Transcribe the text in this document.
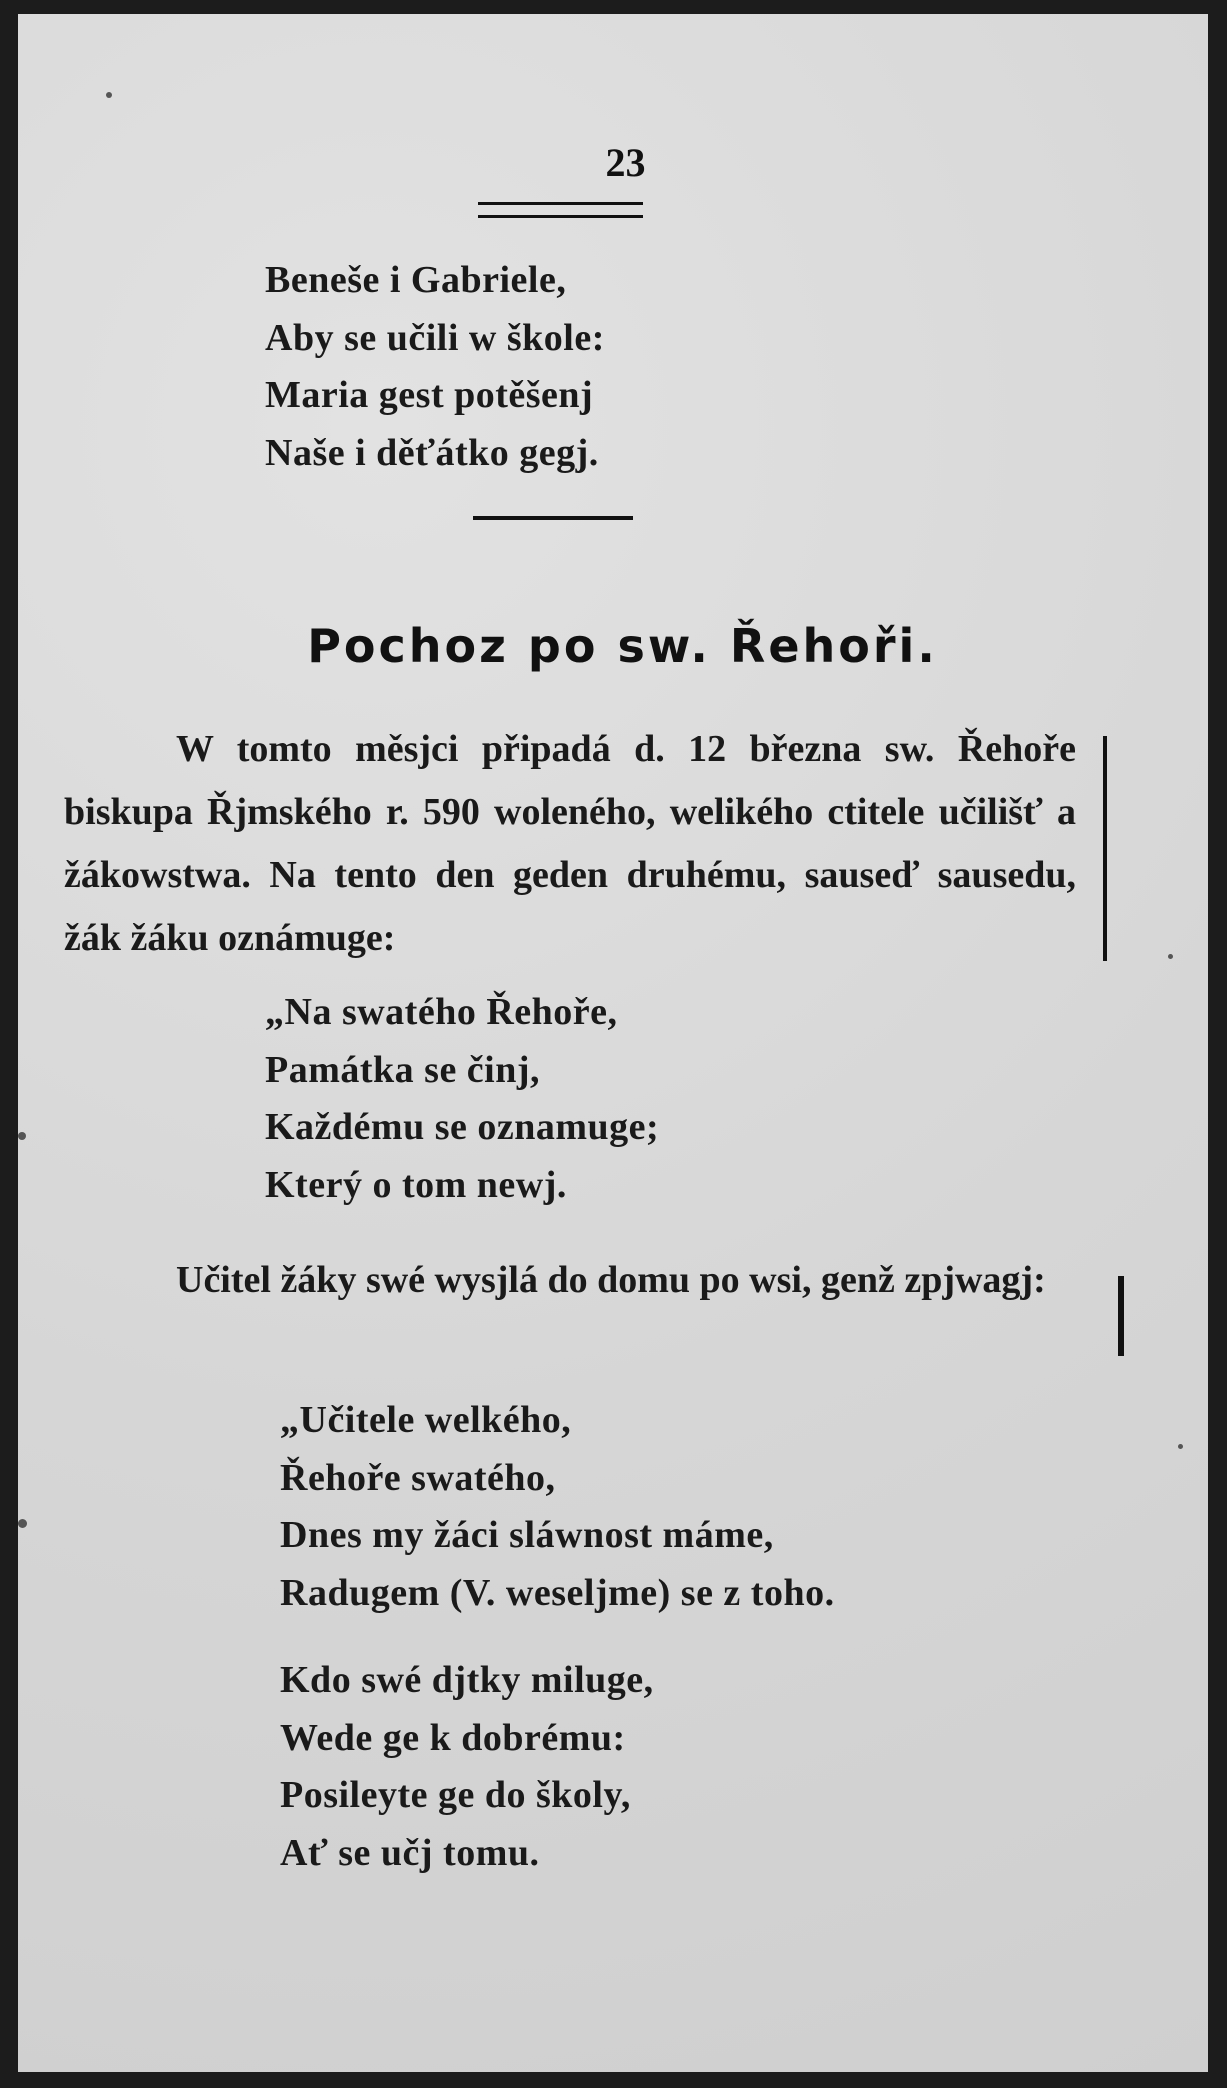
23

Beneše i Gabriele,
Aby se učili w škole:
Maria gest potěšenj
Naše i děťátko gegj.
Pochoz po sw. Řehoři.

W tomto měsjci připadá d. 12 března sw. Řehoře biskupa Řjmského r. 590 woleného, welikého ctitele učilišť a žákowstwa. Na tento den geden druhému, sauseď sausedu, žák žáku oznámuge:

„Na swatého Řehoře,
Památka se činj,
Každému se oznamuge;
Který o tom newj.

Učitel žáky swé wysjlá do domu po wsi, genž zpjwagj:

„Učitele welkého,
Řehoře swatého,
Dnes my žáci sláwnost máme,
Radugem (V. weseljme) se z toho.
Kdo swé djtky miluge,
Wede ge k dobrému:
Posileyte ge do školy,
Ať se učj tomu.
